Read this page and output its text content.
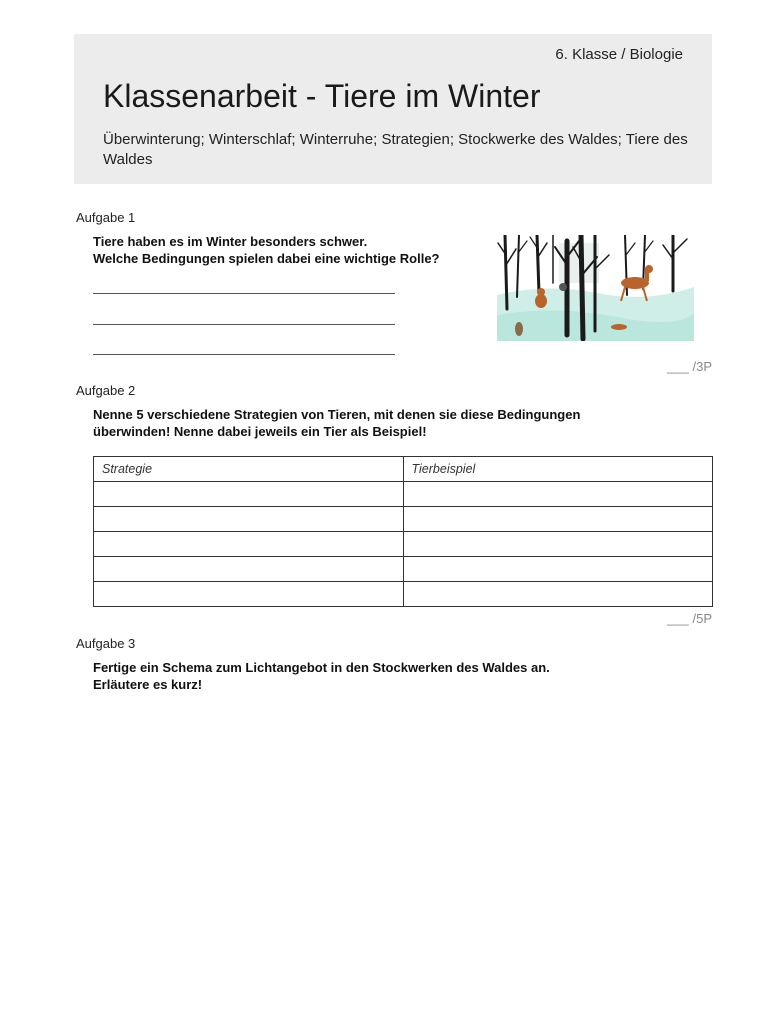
6. Klasse / Biologie
Klassenarbeit - Tiere im Winter
Überwinterung; Winterschlaf; Winterruhe; Strategien; Stockwerke des Waldes; Tiere des Waldes
Aufgabe 1
Tiere haben es im Winter besonders schwer.
Welche Bedingungen spielen dabei eine wichtige Rolle?
___ /3P
Aufgabe 2
Nenne 5 verschiedene Strategien von Tieren, mit denen sie diese Bedingungen
überwinden! Nenne dabei jeweils ein Tier als Beispiel!
Strategie	Tierbeispiel

___ /5P
Aufgabe 3
Fertige ein Schema zum Lichtangebot in den Stockwerken des Waldes an.
Erläutere es kurz!
